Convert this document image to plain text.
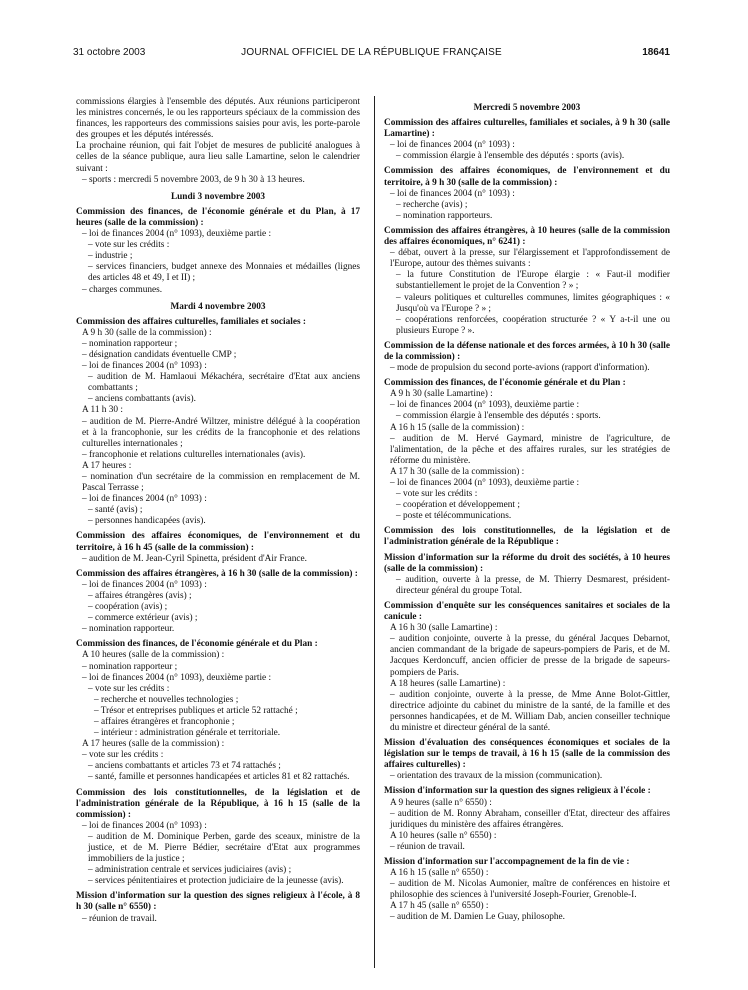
31 octobre 2003	JOURNAL OFFICIEL DE LA RÉPUBLIQUE FRANÇAISE	18641

commissions élargies à l'ensemble des députés. Aux réunions participeront les ministres concernés, le ou les rapporteurs spéciaux de la commission des finances, les rapporteurs des commissions saisies pour avis, les porte-parole des groupes et les députés intéressés.

La prochaine réunion, qui fait l'objet de mesures de publicité analogues à celles de la séance publique, aura lieu salle Lamartine, selon le calendrier suivant :

– sports : mercredi 5 novembre 2003, de 9 h 30 à 13 heures.

Lundi 3 novembre 2003

Commission des finances, de l'économie générale et du Plan, à 17 heures (salle de la commission) :

– loi de finances 2004 (n° 1093), deuxième partie :

– vote sur les crédits :

– industrie ;

– services financiers, budget annexe des Monnaies et médailles (lignes des articles 48 et 49, I et II) ;

– charges communes.

Mardi 4 novembre 2003

Commission des affaires culturelles, familiales et sociales :

A 9 h 30 (salle de la commission) :

– nomination rapporteur ;

– désignation candidats éventuelle CMP ;

– loi de finances 2004 (n° 1093) :

– audition de M. Hamlaoui Mékachéra, secrétaire d'Etat aux anciens combattants ;

– anciens combattants (avis).

A 11 h 30 :

– audition de M. Pierre-André Wiltzer, ministre délégué à la coopération et à la francophonie, sur les crédits de la francophonie et des relations culturelles internationales ;

– francophonie et relations culturelles internationales (avis).

A 17 heures :

– nomination d'un secrétaire de la commission en remplacement de M. Pascal Terrasse ;

– loi de finances 2004 (n° 1093) :

– santé (avis) ;

– personnes handicapées (avis).

Commission des affaires économiques, de l'environnement et du territoire, à 16 h 45 (salle de la commission) :

– audition de M. Jean-Cyril Spinetta, président d'Air France.

Commission des affaires étrangères, à 16 h 30 (salle de la commission) :

– loi de finances 2004 (n° 1093) :

– affaires étrangères (avis) ;

– coopération (avis) ;

– commerce extérieur (avis) ;

– nomination rapporteur.

Commission des finances, de l'économie générale et du Plan :

A 10 heures (salle de la commission) :

– nomination rapporteur ;

– loi de finances 2004 (n° 1093), deuxième partie :

– vote sur les crédits :

– recherche et nouvelles technologies ;

– Trésor et entreprises publiques et article 52 rattaché ;

– affaires étrangères et francophonie ;

– intérieur : administration générale et territoriale.

A 17 heures (salle de la commission) :

– vote sur les crédits :

– anciens combattants et articles 73 et 74 rattachés ;

– santé, famille et personnes handicapées et articles 81 et 82 rattachés.

Commission des lois constitutionnelles, de la législation et de l'administration générale de la République, à 16 h 15 (salle de la commission) :

– loi de finances 2004 (n° 1093) :

– audition de M. Dominique Perben, garde des sceaux, ministre de la justice, et de M. Pierre Bédier, secrétaire d'Etat aux programmes immobiliers de la justice ;

– administration centrale et services judiciaires (avis) ;

– services pénitentiaires et protection judiciaire de la jeunesse (avis).

Mission d'information sur la question des signes religieux à l'école, à 8 h 30 (salle n° 6550) :

– réunion de travail.

Mercredi 5 novembre 2003

Commission des affaires culturelles, familiales et sociales, à 9 h 30 (salle Lamartine) :

– loi de finances 2004 (n° 1093) :

– commission élargie à l'ensemble des députés : sports (avis).

Commission des affaires économiques, de l'environnement et du territoire, à 9 h 30 (salle de la commission) :

– loi de finances 2004 (n° 1093) :

– recherche (avis) ;

– nomination rapporteurs.

Commission des affaires étrangères, à 10 heures (salle de la commission des affaires économiques, n° 6241) :

– débat, ouvert à la presse, sur l'élargissement et l'approfondissement de l'Europe, autour des thèmes suivants :

– la future Constitution de l'Europe élargie : « Faut-il modifier substantiellement le projet de la Convention ? » ;

– valeurs politiques et culturelles communes, limites géographiques : « Jusqu'où va l'Europe ? » ;

– coopérations renforcées, coopération structurée ? « Y a-t-il une ou plusieurs Europe ? ».

Commission de la défense nationale et des forces armées, à 10 h 30 (salle de la commission) :

– mode de propulsion du second porte-avions (rapport d'information).

Commission des finances, de l'économie générale et du Plan :

A 9 h 30 (salle Lamartine) :

– loi de finances 2004 (n° 1093), deuxième partie :

– commission élargie à l'ensemble des députés : sports.

A 16 h 15 (salle de la commission) :

– audition de M. Hervé Gaymard, ministre de l'agriculture, de l'alimentation, de la pêche et des affaires rurales, sur les stratégies de réforme du ministère.

A 17 h 30 (salle de la commission) :

– loi de finances 2004 (n° 1093), deuxième partie :

– vote sur les crédits :

– coopération et développement ;

– poste et télécommunications.

Commission des lois constitutionnelles, de la législation et de l'administration générale de la République :

Mission d'information sur la réforme du droit des sociétés, à 10 heures (salle de la commission) :

– audition, ouverte à la presse, de M. Thierry Desmarest, président-directeur général du groupe Total.

Commission d'enquête sur les conséquences sanitaires et sociales de la canicule :

A 16 h 30 (salle Lamartine) :

– audition conjointe, ouverte à la presse, du général Jacques Debarnot, ancien commandant de la brigade de sapeurs-pompiers de Paris, et de M. Jacques Kerdoncuff, ancien officier de presse de la brigade de sapeurs-pompiers de Paris.

A 18 heures (salle Lamartine) :

– audition conjointe, ouverte à la presse, de Mme Anne Bolot-Gittler, directrice adjointe du cabinet du ministre de la santé, de la famille et des personnes handicapées, et de M. William Dab, ancien conseiller technique du ministre et directeur général de la santé.

Mission d'évaluation des conséquences économiques et sociales de la législation sur le temps de travail, à 16 h 15 (salle de la commission des affaires culturelles) :

– orientation des travaux de la mission (communication).

Mission d'information sur la question des signes religieux à l'école :

A 9 heures (salle n° 6550) :

– audition de M. Ronny Abraham, conseiller d'Etat, directeur des affaires juridiques du ministère des affaires étrangères.

A 10 heures (salle n° 6550) :

– réunion de travail.

Mission d'information sur l'accompagnement de la fin de vie :

A 16 h 15 (salle n° 6550) :

– audition de M. Nicolas Aumonier, maître de conférences en histoire et philosophie des sciences à l'université Joseph-Fourier, Grenoble-I.

A 17 h 45 (salle n° 6550) :

– audition de M. Damien Le Guay, philosophe.
